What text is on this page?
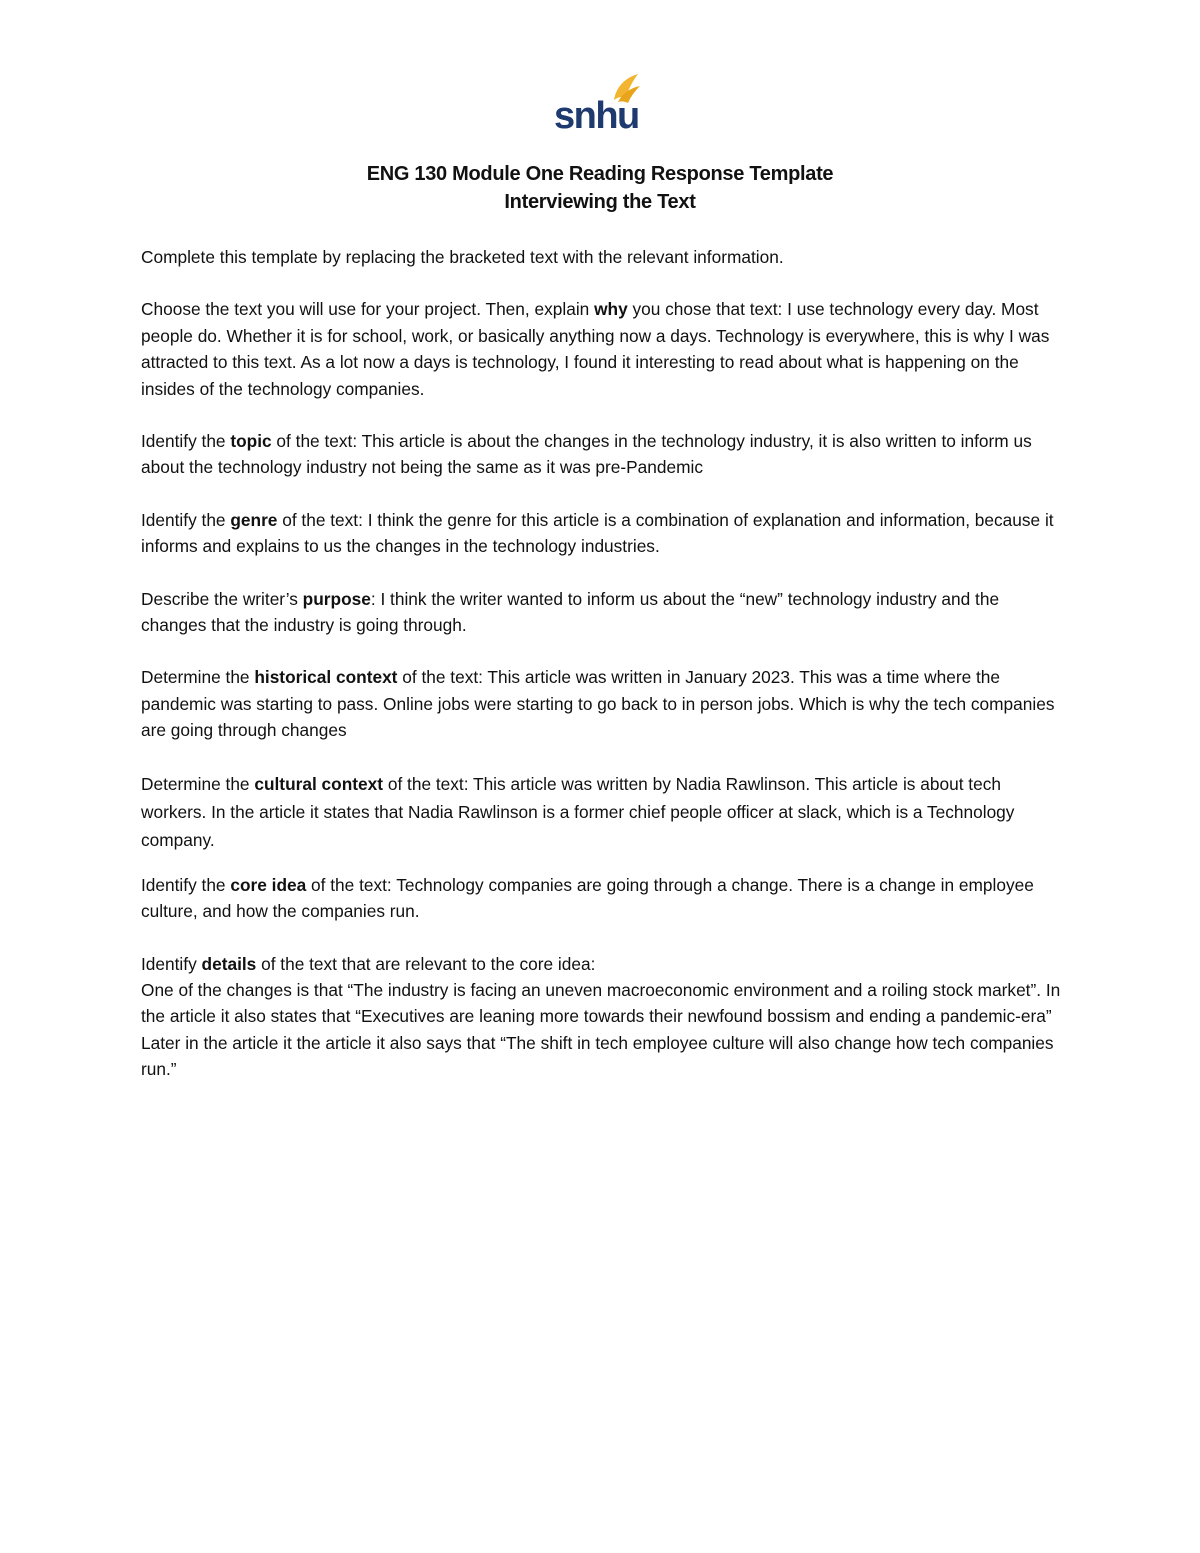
snhu
ENG 130 Module One Reading Response Template
Interviewing the Text

Complete this template by replacing the bracketed text with the relevant information.

Choose the text you will use for your project. Then, explain why you chose that text: I use technology every day. Most people do. Whether it is for school, work, or basically anything now a days. Technology is everywhere, this is why I was attracted to this text. As a lot now a days is technology, I found it interesting to read about what is happening on the insides of the technology companies.

Identify the topic of the text: This article is about the changes in the technology industry, it is also written to inform us about the technology industry not being the same as it was pre-Pandemic

Identify the genre of the text: I think the genre for this article is a combination of explanation and information, because it informs and explains to us the changes in the technology industries.

Describe the writer’s purpose: I think the writer wanted to inform us about the “new” technology industry and the changes that the industry is going through.

Determine the historical context of the text: This article was written in January 2023. This was a time where the pandemic was starting to pass. Online jobs were starting to go back to in person jobs. Which is why the tech companies are going through changes

Determine the cultural context of the text: This article was written by Nadia Rawlinson. This article is about tech workers. In the article it states that Nadia Rawlinson is a former chief people officer at slack, which is a Technology company.

Identify the core idea of the text: Technology companies are going through a change. There is a change in employee culture, and how the companies run.

Identify details of the text that are relevant to the core idea:

One of the changes is that “The industry is facing an uneven macroeconomic environment and a roiling stock market”. In the article it also states that “Executives are leaning more towards their newfound bossism and ending a pandemic-era”

Later in the article it the article it also says that “The shift in tech employee culture will also change how tech companies run.”
